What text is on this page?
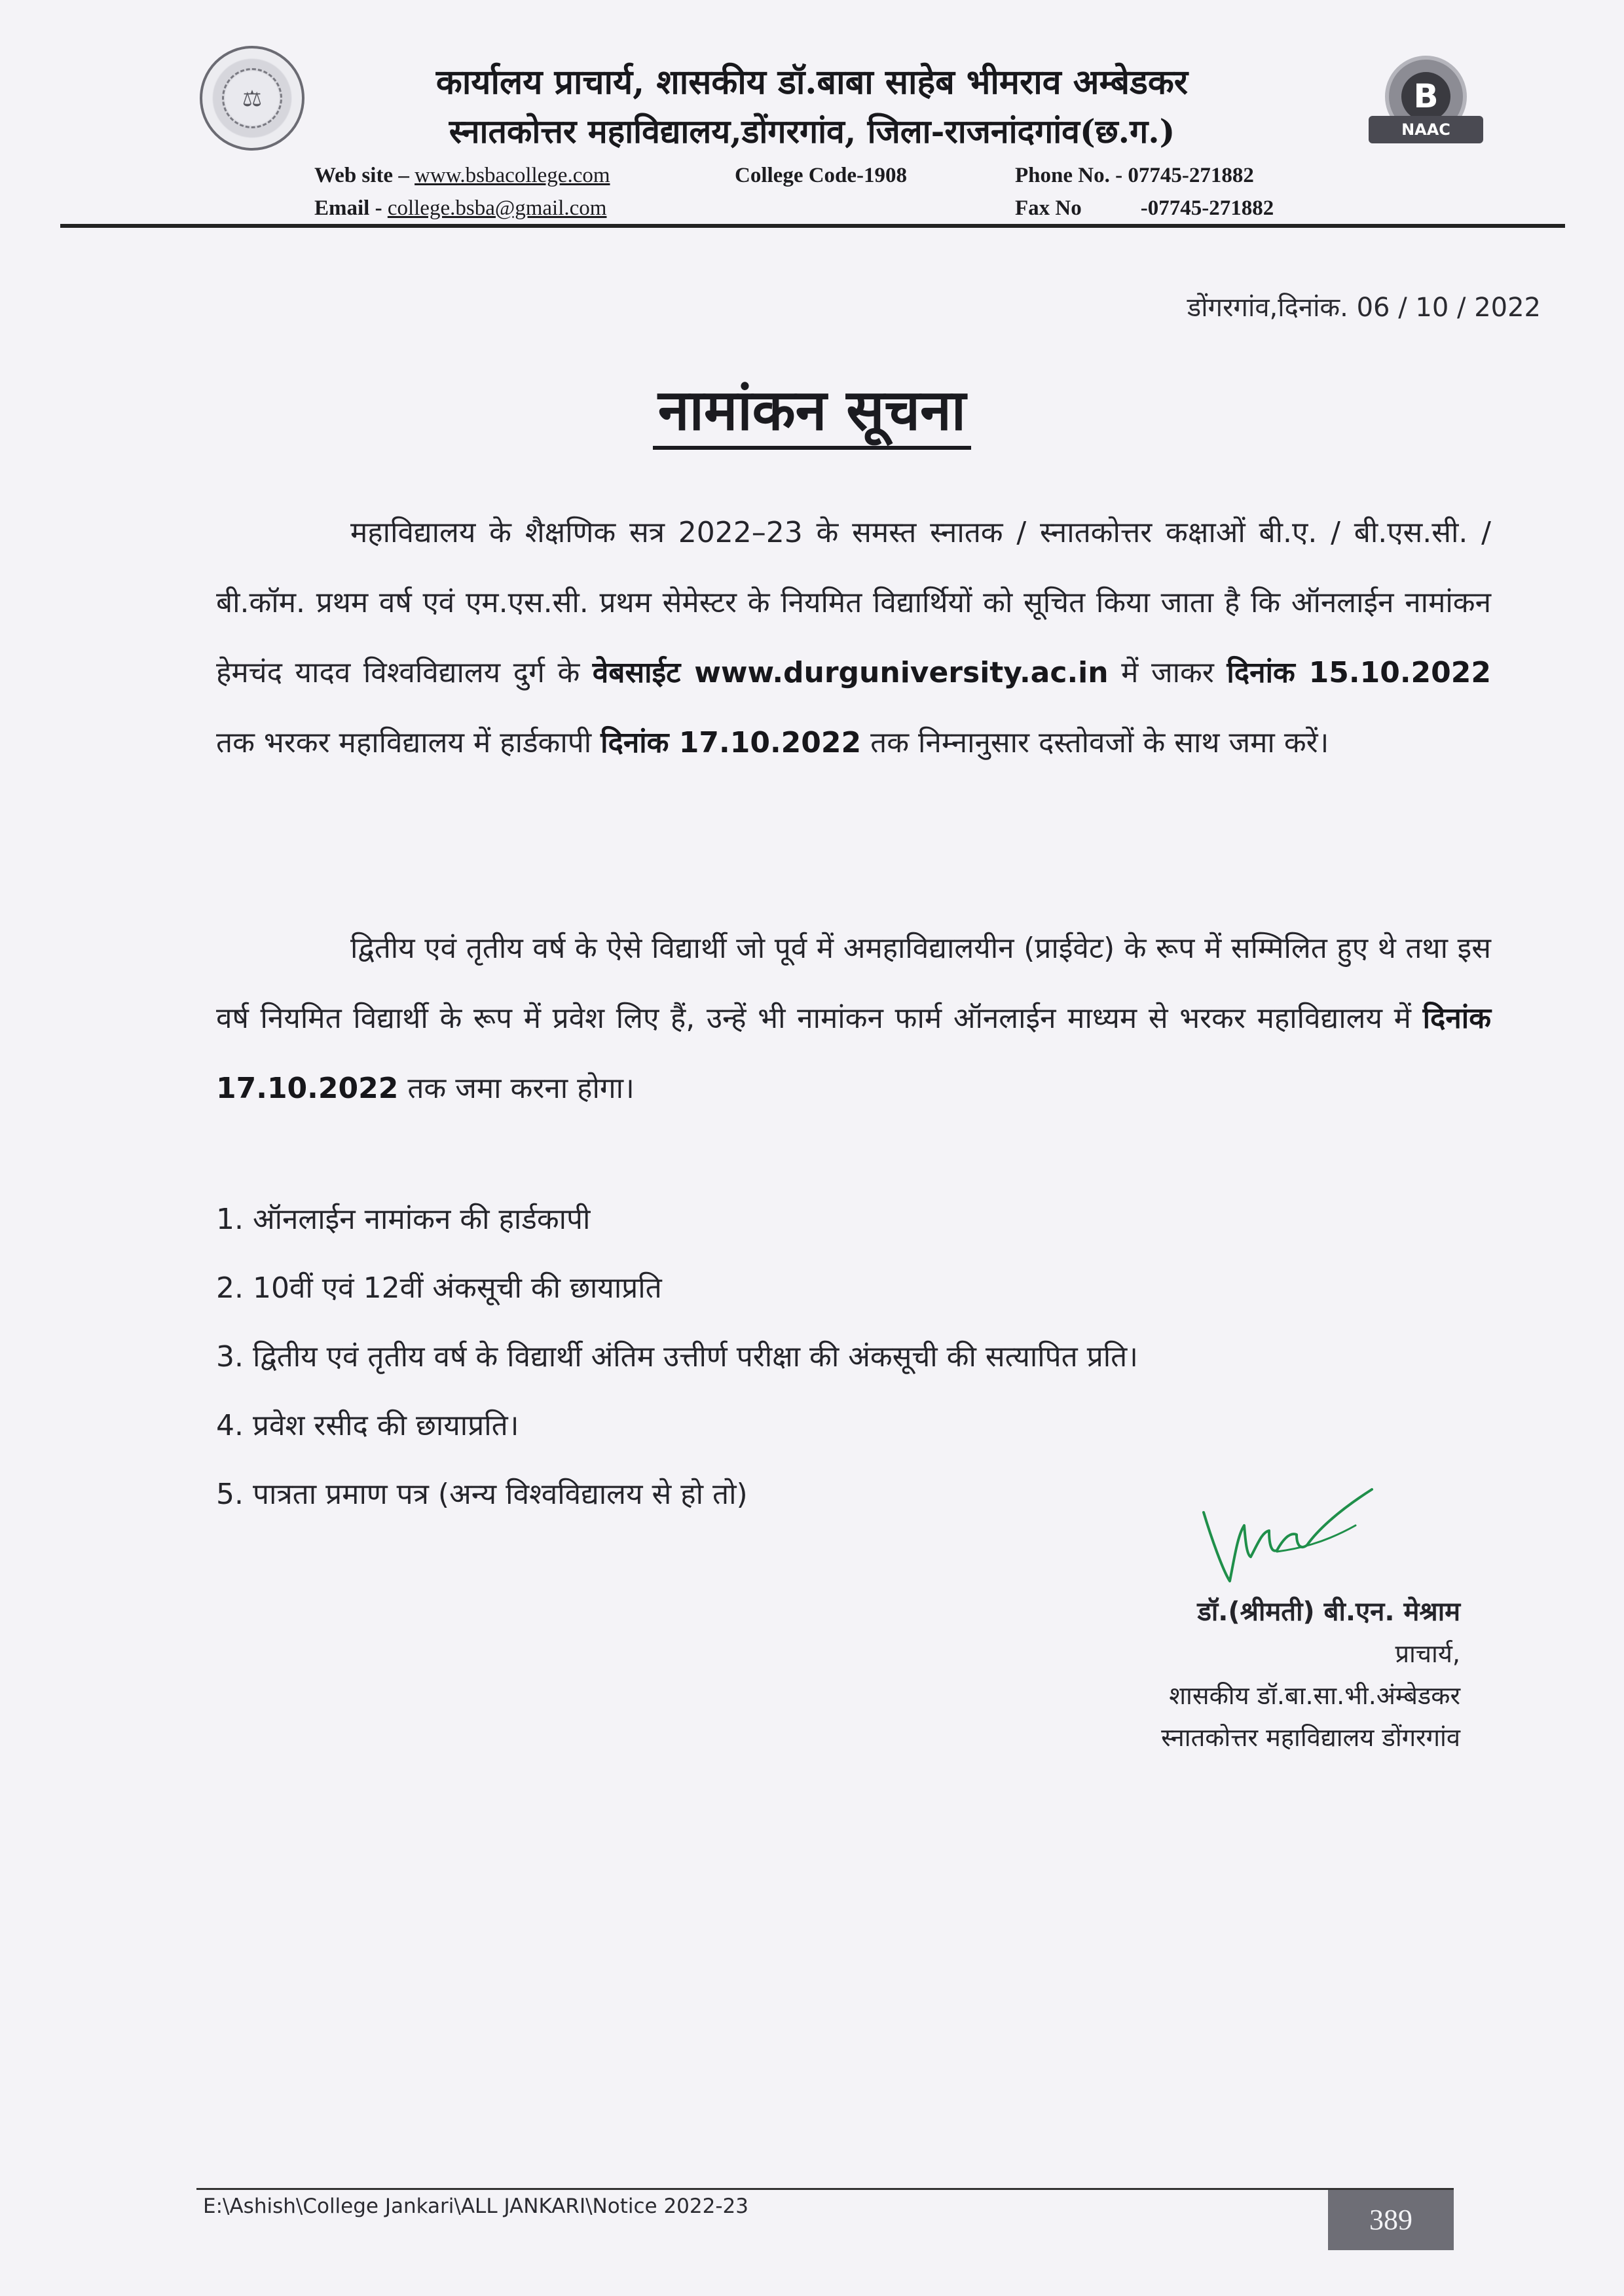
⚖	कार्यालय प्राचार्य, शासकीय डॉ.बाबा साहेब भीमराव अम्बेडकर
स्नातकोत्तर महाविद्यालय,डोंगरगांव, जिला-राजनांदगांव(छ.ग.)
B
NAAC
Web site – www.bsbacollege.com	College Code-1908	Phone No. - 07745-271882
Email - college.bsba@gmail.com	Fax No	-07745-271882
डोंगरगांव,दिनांक. 06 / 10 / 2022
नामांकन सूचना
महाविद्यालय के शैक्षणिक सत्र 2022–23 के समस्त स्नातक / स्नातकोत्तर कक्षाओं बी.ए. / बी.एस.सी. / बी.कॉम. प्रथम वर्ष एवं एम.एस.सी. प्रथम सेमेस्टर के नियमित विद्यार्थियों को सूचित किया जाता है कि ऑनलाईन नामांकन हेमचंद यादव विश्वविद्यालय दुर्ग के वेबसाईट www.durguniversity.ac.in में जाकर दिनांक 15.10.2022 तक भरकर महाविद्यालय में हार्डकापी दिनांक 17.10.2022 तक निम्नानुसार दस्तोवजों के साथ जमा करें।
द्वितीय एवं तृतीय वर्ष के ऐसे विद्यार्थी जो पूर्व में अमहाविद्यालयीन (प्राईवेट) के रूप में सम्मिलित हुए थे तथा इस वर्ष नियमित विद्यार्थी के रूप में प्रवेश लिए हैं, उन्हें भी नामांकन फार्म ऑनलाईन माध्यम से भरकर महाविद्यालय में दिनांक 17.10.2022 तक जमा करना होगा।
1. ऑनलाईन नामांकन की हार्डकापी
2. 10वीं एवं 12वीं अंकसूची की छायाप्रति
3. द्वितीय एवं तृतीय वर्ष के विद्यार्थी अंतिम उत्तीर्ण परीक्षा की अंकसूची की सत्यापित प्रति।
4. प्रवेश रसीद की छायाप्रति।
5. पात्रता प्रमाण पत्र (अन्य विश्वविद्यालय से हो तो)
डॉ.(श्रीमती) बी.एन. मेश्राम
प्राचार्य,
शासकीय डॉ.बा.सा.भी.अंम्बेडकर
स्नातकोत्तर महाविद्यालय डोंगरगांव
E:\Ashish\College Jankari\ALL JANKARI\Notice 2022-23	389
